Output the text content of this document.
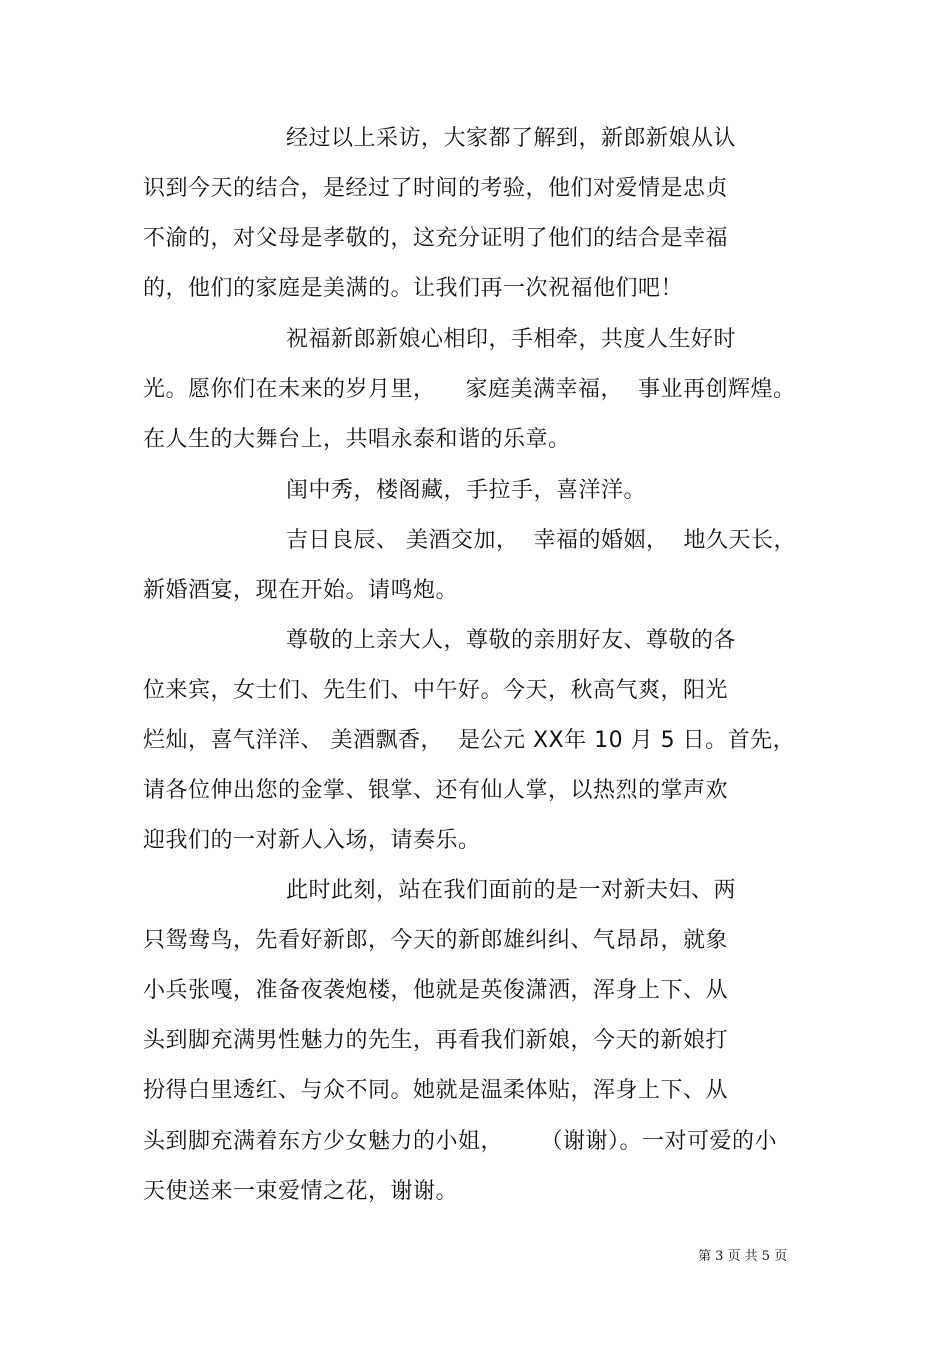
经过以上采访，大家都了解到，新郎新娘从认
识到今天的结合，是经过了时间的考验，他们对爱情是忠贞
不渝的，对父母是孝敬的，这充分证明了他们的结合是幸福
的，他们的家庭是美满的。让我们再一次祝福他们吧！
祝福新郎新娘心相印，手相牵，共度人生好时
光。愿你们在未来的岁月里，    家庭美满幸福，  事业再创辉煌。
在人生的大舞台上，共唱永泰和谐的乐章。
闺中秀，楼阁藏，手拉手，喜洋洋。
吉日良辰、 美酒交加，  幸福的婚姻，  地久天长，
新婚酒宴，现在开始。请鸣炮。
尊敬的上亲大人，尊敬的亲朋好友、尊敬的各
位来宾，女士们、先生们、中午好。今天，秋高气爽，阳光
烂灿，喜气洋洋、 美酒飘香，  是公元 XX年 10 月 5 日。首先，
请各位伸出您的金掌、银掌、还有仙人掌，以热烈的掌声欢
迎我们的一对新人入场，请奏乐。
此时此刻，站在我们面前的是一对新夫妇、两
只鸳鸯鸟，先看好新郎，今天的新郎雄纠纠、气昂昂，就象
小兵张嘎，准备夜袭炮楼，他就是英俊潇洒，浑身上下、从
头到脚充满男性魅力的先生，再看我们新娘，今天的新娘打
扮得白里透红、与众不同。她就是温柔体贴，浑身上下、从
头到脚充满着东方少女魅力的小姐，     （谢谢）。一对可爱的小
天使送来一束爱情之花，谢谢。
第 3 页 共 5 页
